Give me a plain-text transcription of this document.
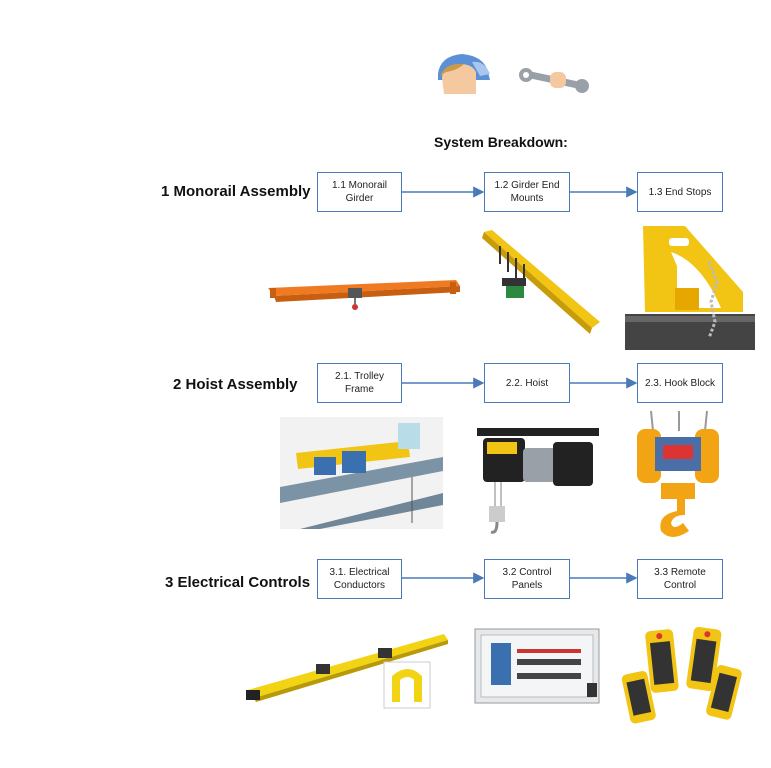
System Breakdown:
1 Monorail Assembly	1.1 Monorail
Girder
1.2 Girder End
Mounts
1.3 End Stops
2 Hoist Assembly	2.1. Trolley
Frame
2.2. Hoist	2.3. Hook Block
3 Electrical Controls
3.1. Electrical
Conductors
3.2 Control
Panels
3.3 Remote
Control
